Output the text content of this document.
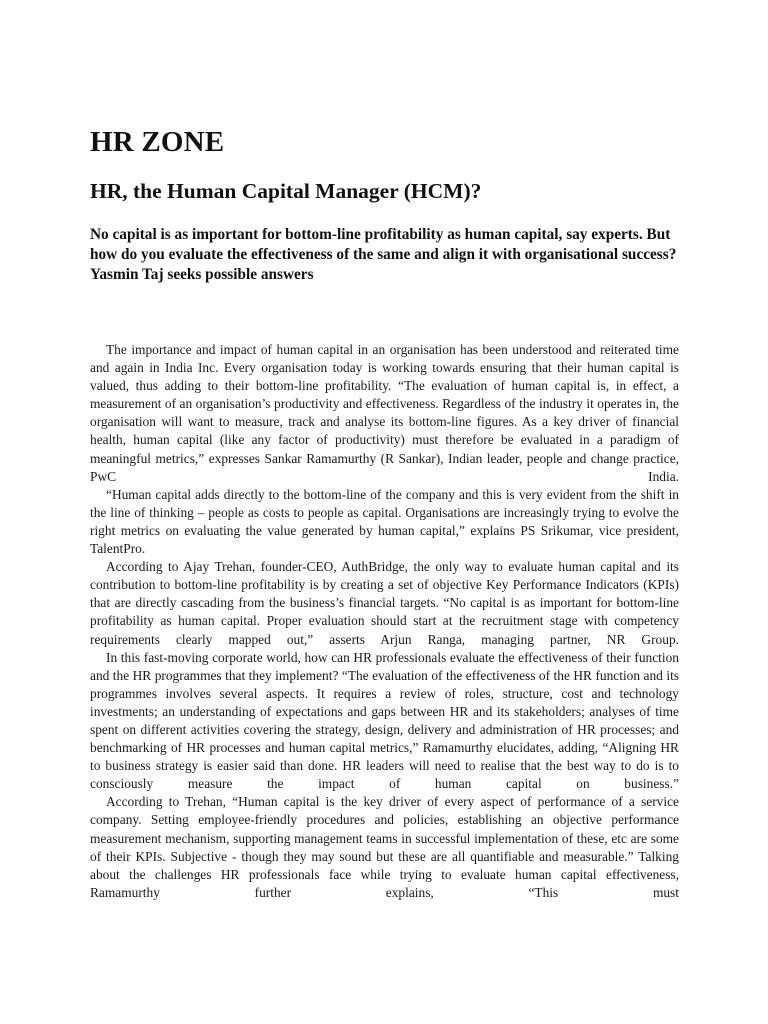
HR ZONE
HR, the Human Capital Manager (HCM)?

No capital is as important for bottom-line profitability as human capital, say experts. But how do you evaluate the effectiveness of the same and align it with organisational success? Yasmin Taj seeks possible answers

The importance and impact of human capital in an organisation has been understood and reiterated time and again in India Inc. Every organisation today is working towards ensuring that their human capital is valued, thus adding to their bottom-line profitability. “The evaluation of human capital is, in effect, a measurement of an organisation’s productivity and effectiveness. Regardless of the industry it operates in, the organisation will want to measure, track and analyse its bottom-line figures. As a key driver of financial health, human capital (like any factor of productivity) must therefore be evaluated in a paradigm of meaningful metrics,” expresses Sankar Ramamurthy (R Sankar), Indian leader, people and change practice, PwC India.

“Human capital adds directly to the bottom-line of the company and this is very evident from the shift in the line of thinking – people as costs to people as capital. Organisations are increasingly trying to evolve the right metrics on evaluating the value generated by human capital,” explains PS Srikumar, vice president, TalentPro.

According to Ajay Trehan, founder-CEO, AuthBridge, the only way to evaluate human capital and its contribution to bottom-line profitability is by creating a set of objective Key Performance Indicators (KPIs) that are directly cascading from the business’s financial targets. “No capital is as important for bottom-line profitability as human capital. Proper evaluation should start at the recruitment stage with competency requirements clearly mapped out,” asserts Arjun Ranga, managing partner, NR Group.

In this fast-moving corporate world, how can HR professionals evaluate the effectiveness of their function and the HR programmes that they implement? “The evaluation of the effectiveness of the HR function and its programmes involves several aspects. It requires a review of roles, structure, cost and technology investments; an understanding of expectations and gaps between HR and its stakeholders; analyses of time spent on different activities covering the strategy, design, delivery and administration of HR processes; and benchmarking of HR processes and human capital metrics,” Ramamurthy elucidates, adding, “Aligning HR to business strategy is easier said than done. HR leaders will need to realise that the best way to do is to consciously measure the impact of human capital on business.”

According to Trehan, “Human capital is the key driver of every aspect of performance of a service company. Setting employee-friendly procedures and policies, establishing an objective performance measurement mechanism, supporting management teams in successful implementation of these, etc are some of their KPIs. Subjective - though they may sound but these are all quantifiable and measurable.” Talking about the challenges HR professionals face while trying to evaluate human capital effectiveness, Ramamurthy further explains, “This must
